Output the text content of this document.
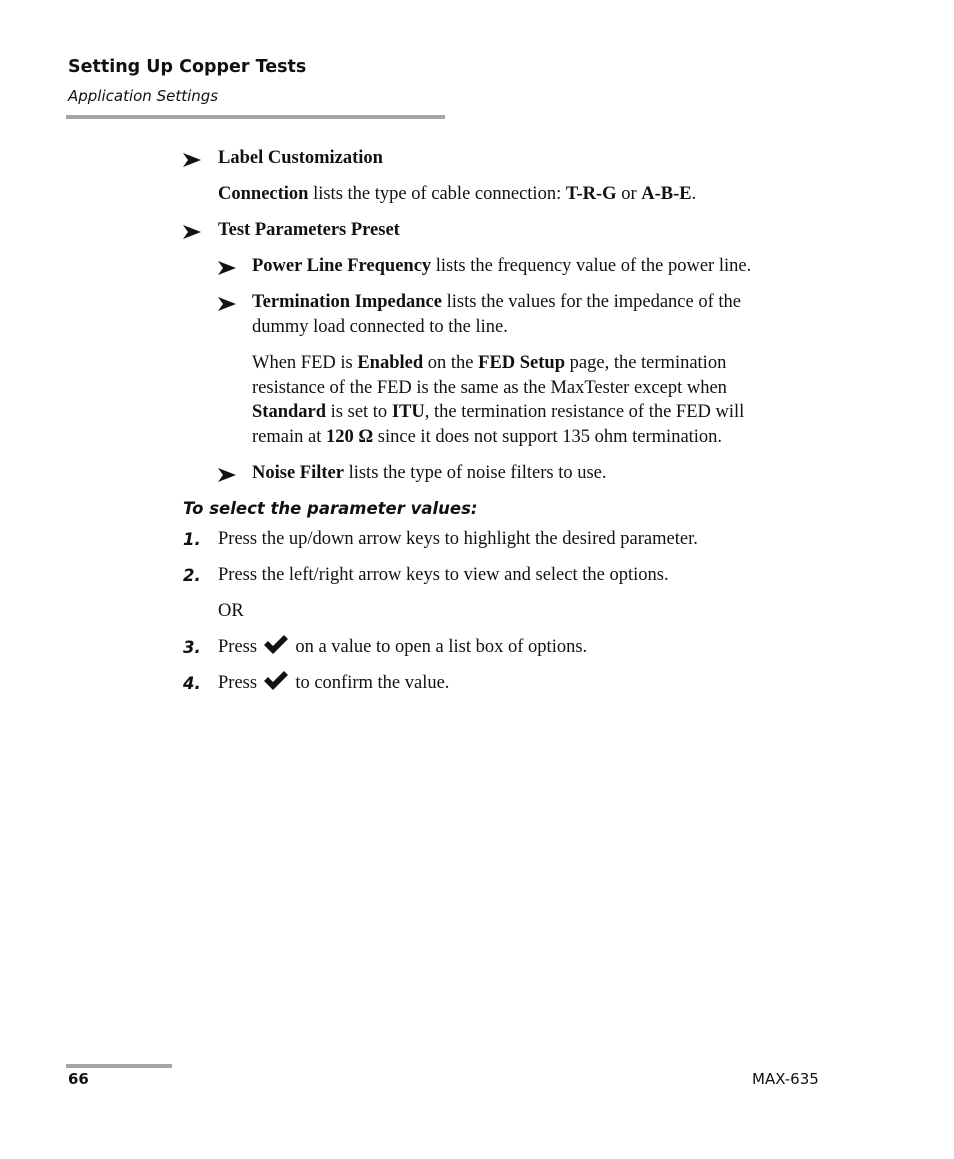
Setting Up Copper Tests
Application Settings
Label Customization
Connection lists the type of cable connection: T-R-G or A-B-E.
Test Parameters Preset
Power Line Frequency lists the frequency value of the power line.
Termination Impedance lists the values for the impedance of the
dummy load connected to the line.
When FED is Enabled on the FED Setup page, the termination
resistance of the FED is the same as the MaxTester except when
Standard is set to ITU, the termination resistance of the FED will
remain at 120 Ω since it does not support 135 ohm termination.
Noise Filter lists the type of noise filters to use.
To select the parameter values:
1. Press the up/down arrow keys to highlight the desired parameter.
2. Press the left/right arrow keys to view and select the options.
OR
3. Press
on a value to open a list box of options.
4. Press
to confirm the value.
66	MAX-635
